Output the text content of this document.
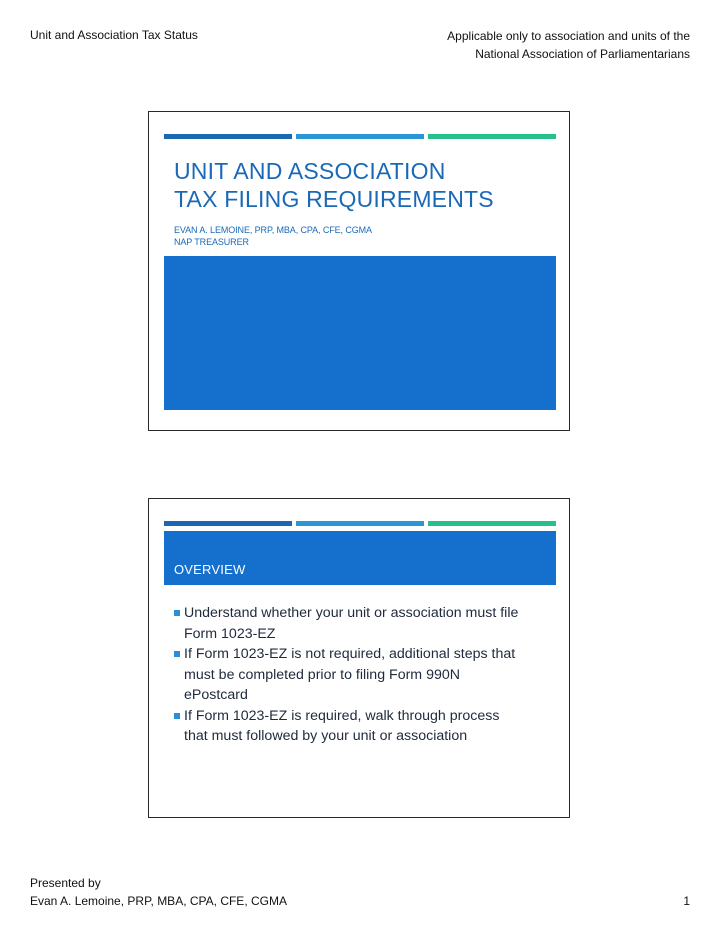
Unit and Association Tax Status	Applicable only to association and units of the
National Association of Parliamentarians
UNIT AND ASSOCIATION
TAX FILING REQUIREMENTS
EVAN A. LEMOINE, PRP, MBA, CPA, CFE, CGMA
NAP TREASURER
OVERVIEW
Understand whether your unit or association must file
Form 1023-EZ
If Form 1023-EZ is not required, additional steps that
must be completed prior to filing Form 990N
ePostcard
If Form 1023-EZ is required, walk through process
that must followed by your unit or association
Presented by
Evan A. Lemoine, PRP, MBA, CPA, CFE, CGMA	1
